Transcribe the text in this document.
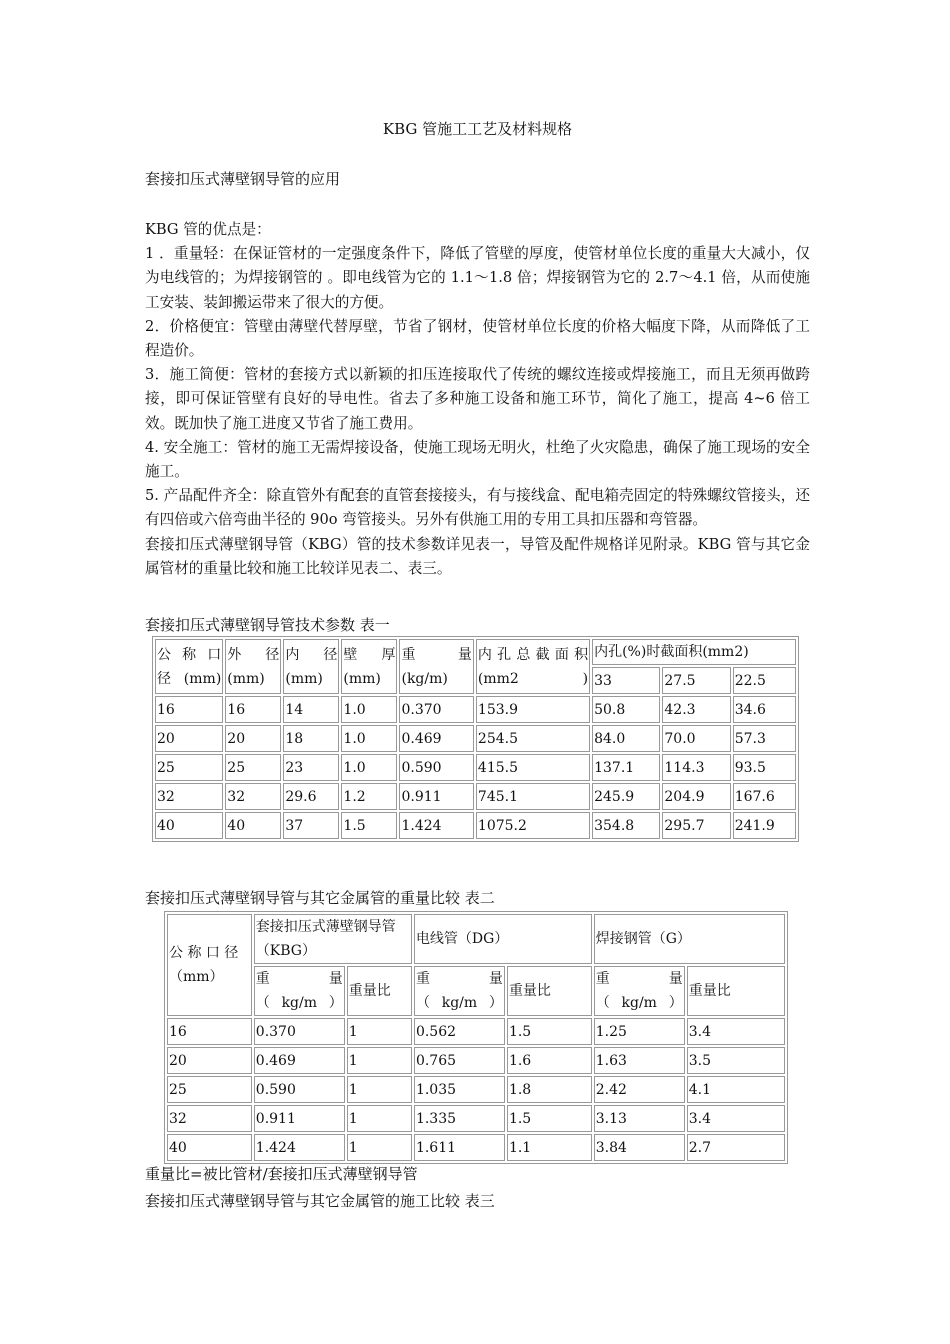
KBG 管施工工艺及材料规格
套接扣压式薄壁钢导管的应用

KBG 管的优点是：

1 ．重量轻：在保证管材的一定强度条件下，降低了管壁的厚度，使管材单位长度的重量大大减小，仅为电线管的；为焊接钢管的 。即电线管为它的 1.1～1.8 倍；焊接钢管为它的 2.7～4.1 倍，从而使施工安装、装卸搬运带来了很大的方便。

2．价格便宜：管壁由薄壁代替厚壁，节省了钢材，使管材单位长度的价格大幅度下降，从而降低了工程造价。

3．施工简便：管材的套接方式以新颖的扣压连接取代了传统的螺纹连接或焊接施工，而且无须再做跨接，即可保证管壁有良好的导电性。省去了多种施工设备和施工环节，简化了施工，提高 4~6 倍工效。既加快了施工进度又节省了施工费用。

4. 安全施工：管材的施工无需焊接设备，使施工现场无明火，杜绝了火灾隐患，确保了施工现场的安全施工。

5. 产品配件齐全：除直管外有配套的直管套接接头，有与接线盒、配电箱壳固定的特殊螺纹管接头，还有四倍或六倍弯曲半径的 90o 弯管接头。另外有供施工用的专用工具扣压器和弯管器。

套接扣压式薄壁钢导管（KBG）管的技术参数详见表一，导管及配件规格详见附录。KBG 管与其它金属管材的重量比较和施工比较详见表二、表三。

套接扣压式薄壁钢导管技术参数 表一
公 称 口 径(mm)	外 径(mm)	内 径(mm)	壁 厚(mm)	重 量(kg/m)	内孔总截面积(mm2 )	内孔(%)时截面积(mm2)		
						33	27.5	22.5
16	16	14	1.0	0.370	153.9	50.8	42.3	34.6
20	20	18	1.0	0.469	254.5	84.0	70.0	57.3
25	25	23	1.0	0.590	415.5	137.1	114.3	93.5
32	32	29.6	1.2	0.911	745.1	245.9	204.9	167.6
40	40	37	1.5	1.424	1075.2	354.8	295.7	241.9
套接扣压式薄壁钢导管与其它金属管的重量比较 表二
公 称 口 径（mm）	套接扣压式薄壁钢导管（KBG）		电线管（DG）		焊接钢管（G）	
	重 量（kg/m）	重量比	重 量（kg/m）	重量比	重 量（kg/m）	重量比
16	0.370	1	0.562	1.5	1.25	3.4
20	0.469	1	0.765	1.6	1.63	3.5
25	0.590	1	1.035	1.8	2.42	4.1
32	0.911	1	1.335	1.5	3.13	3.4
40	1.424	1	1.611	1.1	3.84	2.7
重量比=被比管材/套接扣压式薄壁钢导管
套接扣压式薄壁钢导管与其它金属管的施工比较 表三
